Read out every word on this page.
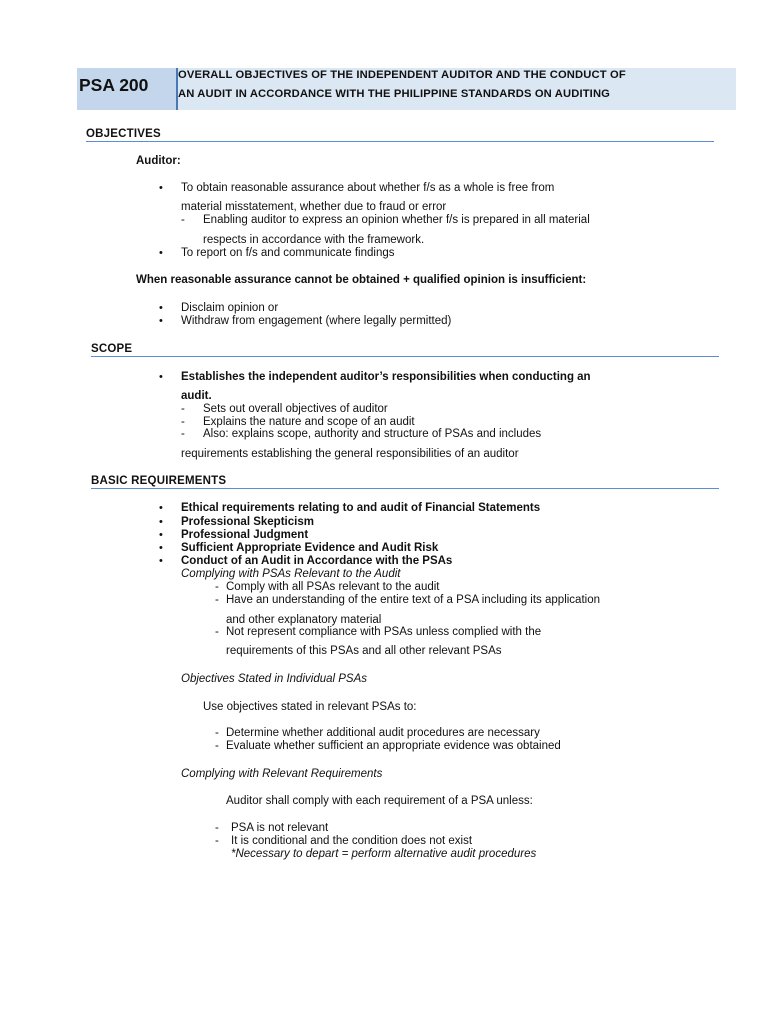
PSA 200	OVERALL OBJECTIVES OF THE INDEPENDENT AUDITOR AND THE CONDUCT OF
AN AUDIT IN ACCORDANCE WITH THE PHILIPPINE STANDARDS ON AUDITING
OBJECTIVES
Auditor:
• To obtain reasonable assurance about whether f/s as a whole is free from
material misstatement, whether due to fraud or error
- Enabling auditor to express an opinion whether f/s is prepared in all material
respects in accordance with the framework.
• To report on f/s and communicate findings
When reasonable assurance cannot be obtained + qualified opinion is insufficient:
• Disclaim opinion or
• Withdraw from engagement (where legally permitted)
SCOPE
• Establishes the independent auditor’s responsibilities when conducting an
audit.
- Sets out overall objectives of auditor
- Explains the nature and scope of an audit
- Also: explains scope, authority and structure of PSAs and includes
requirements establishing the general responsibilities of an auditor
BASIC REQUIREMENTS
• Ethical requirements relating to and audit of Financial Statements
• Professional Skepticism
• Professional Judgment
• Sufficient Appropriate Evidence and Audit Risk
• Conduct of an Audit in Accordance with the PSAs
Complying with PSAs Relevant to the Audit
- Comply with all PSAs relevant to the audit
- Have an understanding of the entire text of a PSA including its application
and other explanatory material
- Not represent compliance with PSAs unless complied with the
requirements of this PSAs and all other relevant PSAs
Objectives Stated in Individual PSAs
Use objectives stated in relevant PSAs to:
- Determine whether additional audit procedures are necessary
- Evaluate whether sufficient an appropriate evidence was obtained
Complying with Relevant Requirements
Auditor shall comply with each requirement of a PSA unless:
- PSA is not relevant
- It is conditional and the condition does not exist
*Necessary to depart = perform alternative audit procedures
